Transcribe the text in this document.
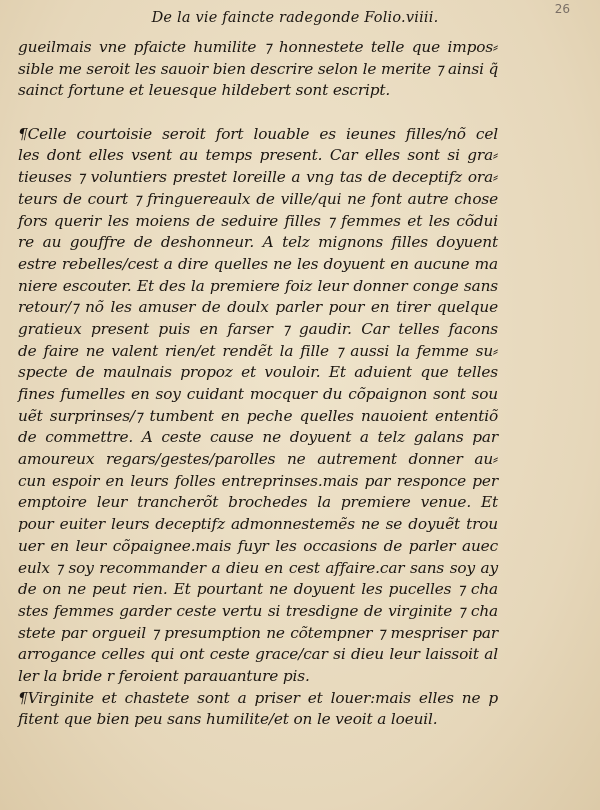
26
De la vie faincte radegonde Folio.viiii.
gueilmais vne pfaicte humilite ⁊ honnestete telle que impos⸗
sible me seroit les sauoir bien descrire selon le merite ⁊ ainsi q̃
sainct fortune et leuesque hildebert sont escript.
¶Celle courtoisie seroit fort louable es ieunes filles/nõ cel
les dont elles vsent au temps present. Car elles sont si gra⸗
tieuses ⁊ voluntiers prestet loreille a vng tas de deceptifz ora⸗
teurs de court ⁊ fringuereaulx de ville/qui ne font autre chose
fors querir les moiens de seduire filles ⁊ femmes et les cõdui
re au gouffre de deshonneur. A telz mignons filles doyuent
estre rebelles/cest a dire quelles ne les doyuent en aucune ma
niere escouter. Et des la premiere foiz leur donner conge sans
retour/⁊ nõ les amuser de doulx parler pour en tirer quelque
gratieux present puis en farser ⁊ gaudir. Car telles facons
de faire ne valent rien/et rendẽt la fille ⁊ aussi la femme su⸗
specte de maulnais propoz et vouloir. Et aduient que telles
fines fumelles en soy cuidant mocquer du cõpaignon sont sou
uẽt surprinses/⁊ tumbent en peche quelles nauoient ententiõ
de commettre. A ceste cause ne doyuent a telz galans par
amoureux regars/gestes/parolles ne autrement donner au⸗
cun espoir en leurs folles entreprinses.mais par responce per
emptoire leur trancherõt brochedes la premiere venue. Et
pour euiter leurs deceptifz admonnestemẽs ne se doyuẽt trou
uer en leur cõpaignee.mais fuyr les occasions de parler auec
eulx ⁊ soy recommander a dieu en cest affaire.car sans soy ay
de on ne peut rien. Et pourtant ne doyuent les pucelles ⁊ cha
stes femmes garder ceste vertu si tresdigne de virginite ⁊ cha
stete par orgueil ⁊ presumption ne cõtempner ⁊ mespriser par
arrogance celles qui ont ceste grace/car si dieu leur laissoit al
ler la bride r feroient parauanture pis.
¶Virginite et chastete sont a priser et louer:mais elles ne p
fitent que bien peu sans humilite/et on le veoit a loeuil.
